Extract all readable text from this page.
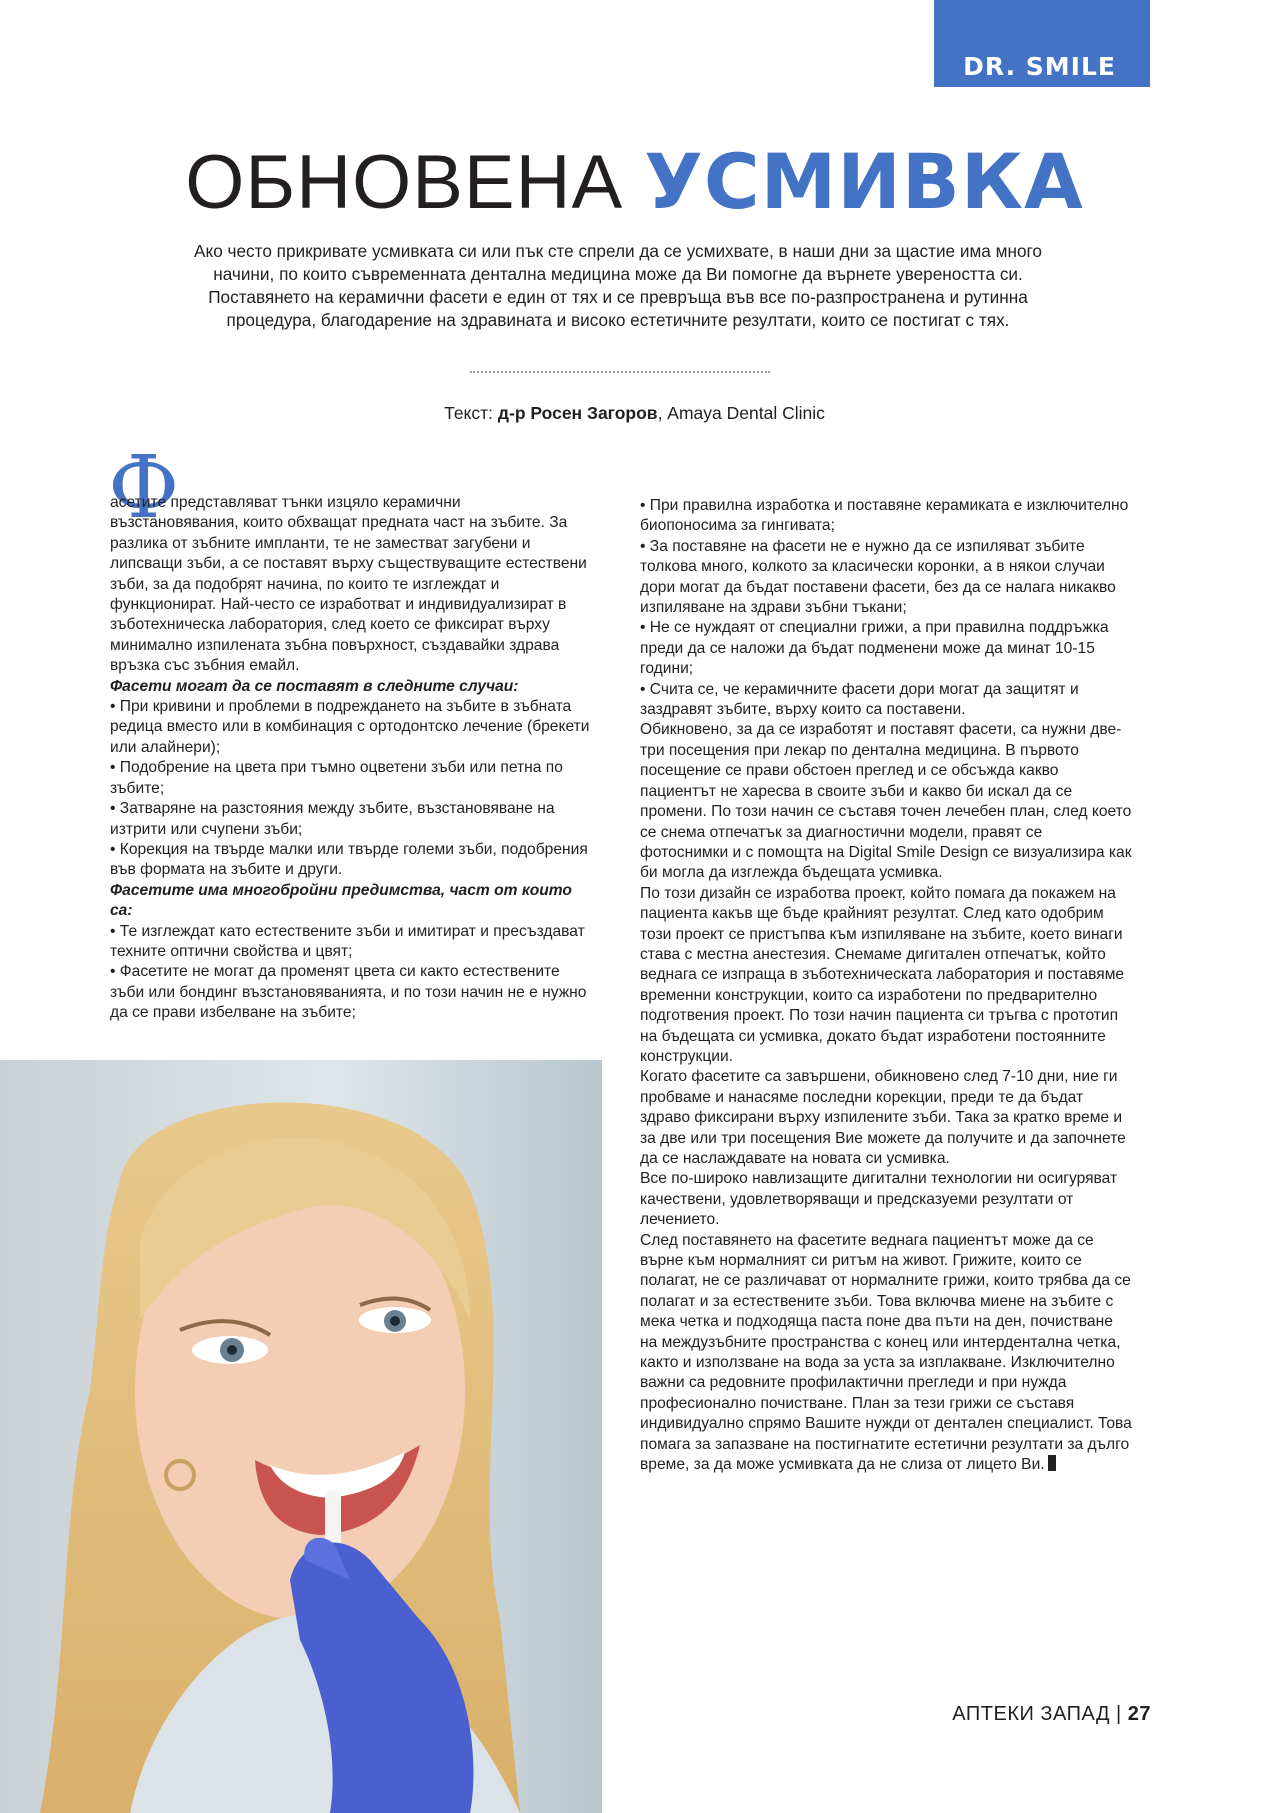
DR. SMILE
ОБНОВЕНА УСМИВКА
Ако често прикривате усмивката си или пък сте спрели да се усмихвате, в наши дни за щастие има много начини, по които съвременната дентална медицина може да Ви помогне да върнете увереността си. Поставянето на керамични фасети е един от тях и се превръща във все по-разпространена и рутинна процедура, благодарение на здравината и високо естетичните резултати, които се постигат с тях.
Текст: д-р Росен Загоров, Amaya Dental Clinic
Ф

асетите представляват тънки изцяло керамични възстановявания, които обхващат предната част на зъбите. За разлика от зъбните импланти, те не заместват загубени и липсващи зъби, а се поставят върху съществуващите естествени зъби, за да подобрят начина, по които те изглеждат и функционират. Най-често се изработват и индивидуализират в зъботехническа лаборатория, след което се фиксират върху минимално изпилената зъбна повърхност, създавайки здрава връзка със зъбния емайл.

Фасети могат да се поставят в следните случаи:

• При кривини и проблеми в подреждането на зъбите в зъбната редица вместо или в комбинация с ортодонтско лечение (брекети или алайнери);

• Подобрение на цвета при тъмно оцветени зъби или петна по зъбите;

• Затваряне на разстояния между зъбите, възстановяване на изтрити или счупени зъби;

• Корекция на твърде малки или твърде големи зъби, подобрения във формата на зъбите и други.

Фасетите има многобройни предимства, част от които са:

• Те изглеждат като естествените зъби и имитират и пресъздават техните оптични свойства и цвят;

• Фасетите не могат да променят цвета си както естествените зъби или бондинг възстановяванията, и по този начин не е нужно да се прави избелване на зъбите;

• При правилна изработка и поставяне керамиката е изключително биопоносима за гингивата;

• За поставяне на фасети не е нужно да се изпиляват зъбите толкова много, колкото за класически коронки, а в някои случаи дори могат да бъдат поставени фасети, без да се налага никакво изпиляване на здрави зъбни тъкани;

• Не се нуждаят от специални грижи, а при правилна поддръжка преди да се наложи да бъдат подменени може да минат 10-15 години;

• Счита се, че керамичните фасети дори могат да защитят и заздравят зъбите, върху които са поставени.

Обикновено, за да се изработят и поставят фасети, са нужни две-три посещения при лекар по дентална медицина. В първото посещение се прави обстоен преглед и се обсъжда какво пациентът не харесва в своите зъби и какво би искал да се промени. По този начин се съставя точен лечебен план, след което се снема отпечатък за диагностични модели, правят се фотоснимки и с помощта на Digital Smile Design се визуализира как би могла да изглежда бъдещата усмивка.

По този дизайн се изработва проект, който помага да покажем на пациента какъв ще бъде крайният резултат. След като одобрим този проект се пристъпва към изпиляване на зъбите, което винаги става с местна анестезия. Снемаме дигитален отпечатък, който веднага се изпраща в зъботехническата лаборатория и поставяме временни конструкции, които са изработени по предварително подготвения проект. По този начин пациента си тръгва с прототип на бъдещата си усмивка, докато бъдат изработени постоянните конструкции.

Когато фасетите са завършени, обикновено след 7-10 дни, ние ги пробваме и нанасяме последни корекции, преди те да бъдат здраво фиксирани върху изпилените зъби. Така за кратко време и за две или три посещения Вие можете да получите и да започнете да се наслаждавате на новата си усмивка.

Все по-широко навлизащите дигитални технологии ни осигуряват качествени, удовлетворяващи и предсказуеми резултати от лечението.

След поставянето на фасетите веднага пациентът може да се върне към нормалният си ритъм на живот. Грижите, които се полагат, не се различават от нормалните грижи, които трябва да се полагат и за естествените зъби. Това включва миене на зъбите с мека четка и подходяща паста поне два пъти на ден, почистване на междузъбните пространства с конец или интердентална четка, както и използване на вода за уста за изплакване. Изключително важни са редовните профилактични прегледи и при нужда професионално почистване. План за тези грижи се съставя индивидуално спрямо Вашите нужди от дентален специалист. Това помага за запазване на постигнатите естетични резултати за дълго време, за да може усмивката да не слиза от лицето Ви.

АПТЕКИ ЗАПАД | 27
